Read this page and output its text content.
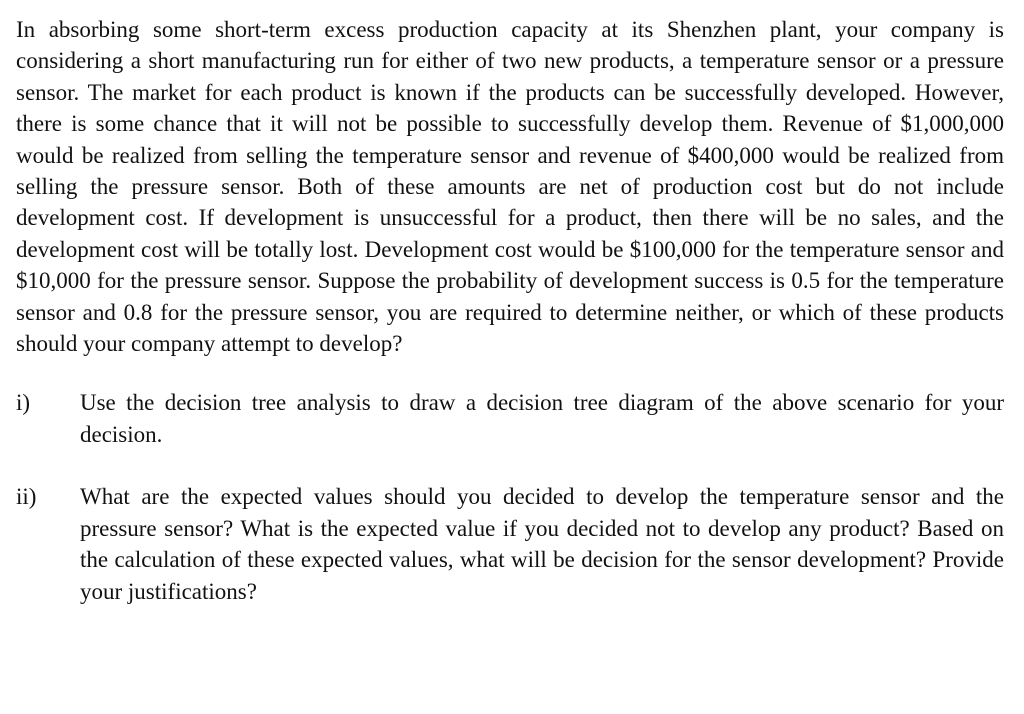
In absorbing some short-term excess production capacity at its Shenzhen plant, your company is considering a short manufacturing run for either of two new products, a temperature sensor or a pressure sensor. The market for each product is known if the products can be successfully developed. However, there is some chance that it will not be possible to successfully develop them. Revenue of $1,000,000 would be realized from selling the temperature sensor and revenue of $400,000 would be realized from selling the pressure sensor. Both of these amounts are net of production cost but do not include development cost. If development is unsuccessful for a product, then there will be no sales, and the development cost will be totally lost. Development cost would be $100,000 for the temperature sensor and $10,000 for the pressure sensor. Suppose the probability of development success is 0.5 for the temperature sensor and 0.8 for the pressure sensor, you are required to determine neither, or which of these products should your company attempt to develop?

i)	Use the decision tree analysis to draw a decision tree diagram of the above scenario for your decision.
ii)	What are the expected values should you decided to develop the temperature sensor and the pressure sensor? What is the expected value if you decided not to develop any product? Based on the calculation of these expected values, what will be decision for the sensor development? Provide your justifications?
